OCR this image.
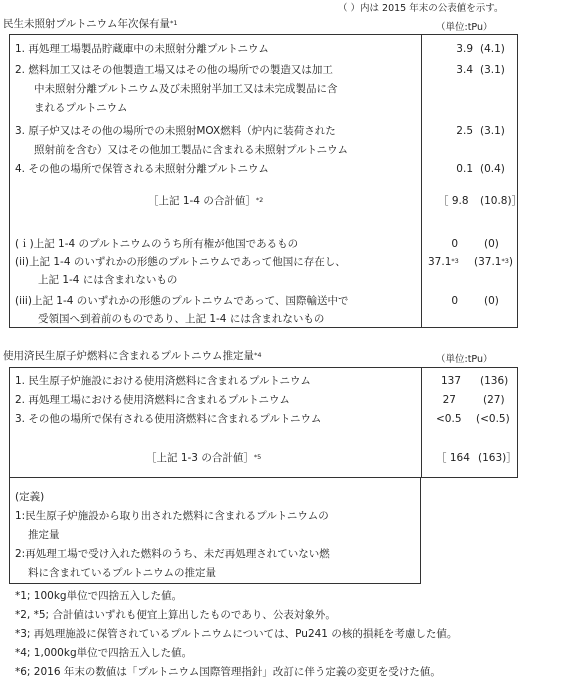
（ ）内は 2015 年末の公表値を示す。
民生未照射プルトニウム年次保有量$^{*1}$	（単位:tPu）
1. 再処理工場製品貯蔵庫中の未照射分離プルトニウム	3.9 (4.1)
2. 燃料加工又はその他製造工場又はその他の場所での製造又は加工
中未照射分離プルトニウム及び未照射半加工又は未完成製品に含
まれるプルトニウム
3.4 (3.1)
3. 原子炉又はその他の場所での未照射MOX燃料（炉内に装荷された
照射前を含む）又はその他加工製品に含まれる未照射プルトニウム
2.5 (3.1)
4. その他の場所で保管される未照射分離プルトニウム	0.1 (0.4)
［上記 1-4 の合計値］$^{*2}$	［ 9.8 (10.8)］
(ｉ)上記 1-4 のプルトニウムのうち所有権が他国であるもの	0 (0)
(ii)上記 1-4 のいずれかの形態のプルトニウムであって他国に存在し、
上記 1-4 には含まれないもの
37.1$^{*3}$ (37.1$^{*3}$)
(iii)上記 1-4 のいずれかの形態のプルトニウムであって、国際輸送中で
受領国へ到着前のものであり、上記 1-4 には含まれないもの
0 (0)
使用済民生原子炉燃料に含まれるプルトニウム推定量$^{*4}$	（単位:tPu）
1. 民生原子炉施設における使用済燃料に含まれるプルトニウム	137 (136)
2. 再処理工場における使用済燃料に含まれるプルトニウム	27	(27)
3. その他の場所で保有される使用済燃料に含まれるプルトニウム	<0.5 (<0.5)
［上記 1-3 の合計値］$^{*5}$	［ 164 (163)］
(定義)
1:民生原子炉施設から取り出された燃料に含まれるプルトニウムの
推定量
2:再処理工場で受け入れた燃料のうち、未だ再処理されていない燃
料に含まれているプルトニウムの推定量
*1; 100kg単位で四捨五入した値。
*2, *5; 合計値はいずれも便宜上算出したものであり、公表対象外。
*3; 再処理施設に保管されているプルトニウムについては、Pu241 の核的損耗を考慮した値。
*4; 1,000kg単位で四捨五入した値。
*6; 2016 年末の数値は「プルトニウム国際管理指針」改訂に伴う定義の変更を受けた値。
